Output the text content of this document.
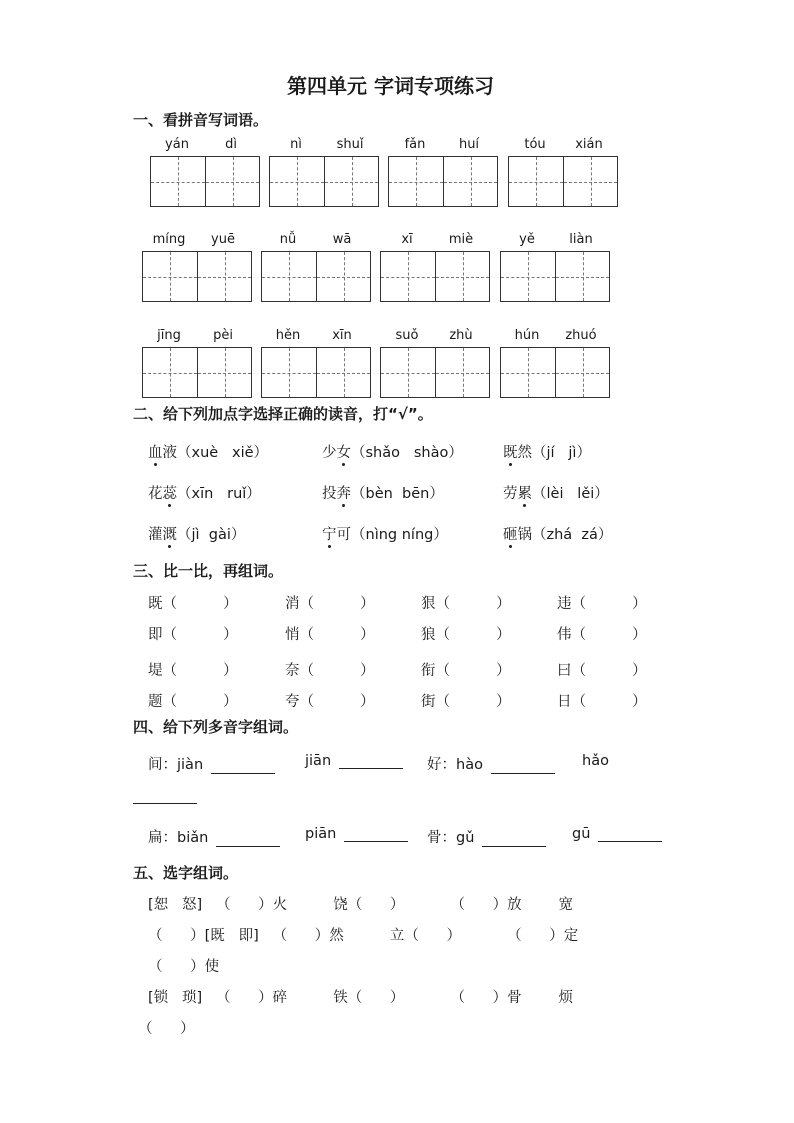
第四单元 字词专项练习
一、看拼音写词语。
yán	dì	nì	shuǐ	fǎn	huí	tóu	xián
míng	yuē	nǚ	wā	xī	miè	yě	liàn
jīng	pèi	hěn	xīn	suǒ	zhù	hún	zhuó
二、给下列加点字选择正确的读音，打“√”。
血液（xuè   xiě）	少女（shǎo   shào）	既然（jí   jì）
花蕊（xīn   ruǐ）	投奔（bèn  bēn）	劳累（lèi   lěi）
灌溉（jì  gài）	宁可（nìng níng）	砸锅（zhá  zá）
三、比一比，再组词。
既（          ）	消（          ）	狠（          ）	违（          ）
即（          ）	悄（          ）	狼（          ）	伟（          ）
堤（          ）	奈（          ）	衔（          ）	曰（          ）
题（          ）	夸（          ）	街（          ）	日（          ）
四、给下列多音字组词。
间：jiàn	jiān	好：hào	hǎo
扁：biǎn	piān	骨：gǔ	gū
五、选字组词。
[恕   怒]   （      ）火          饶（      ）          （      ）放        宽
（      ）[既   即]   （      ）然          立（      ）          （      ）定
（      ）使
[锁   琐]   （      ）碎          铁（      ）          （      ）骨        烦
（      ）
